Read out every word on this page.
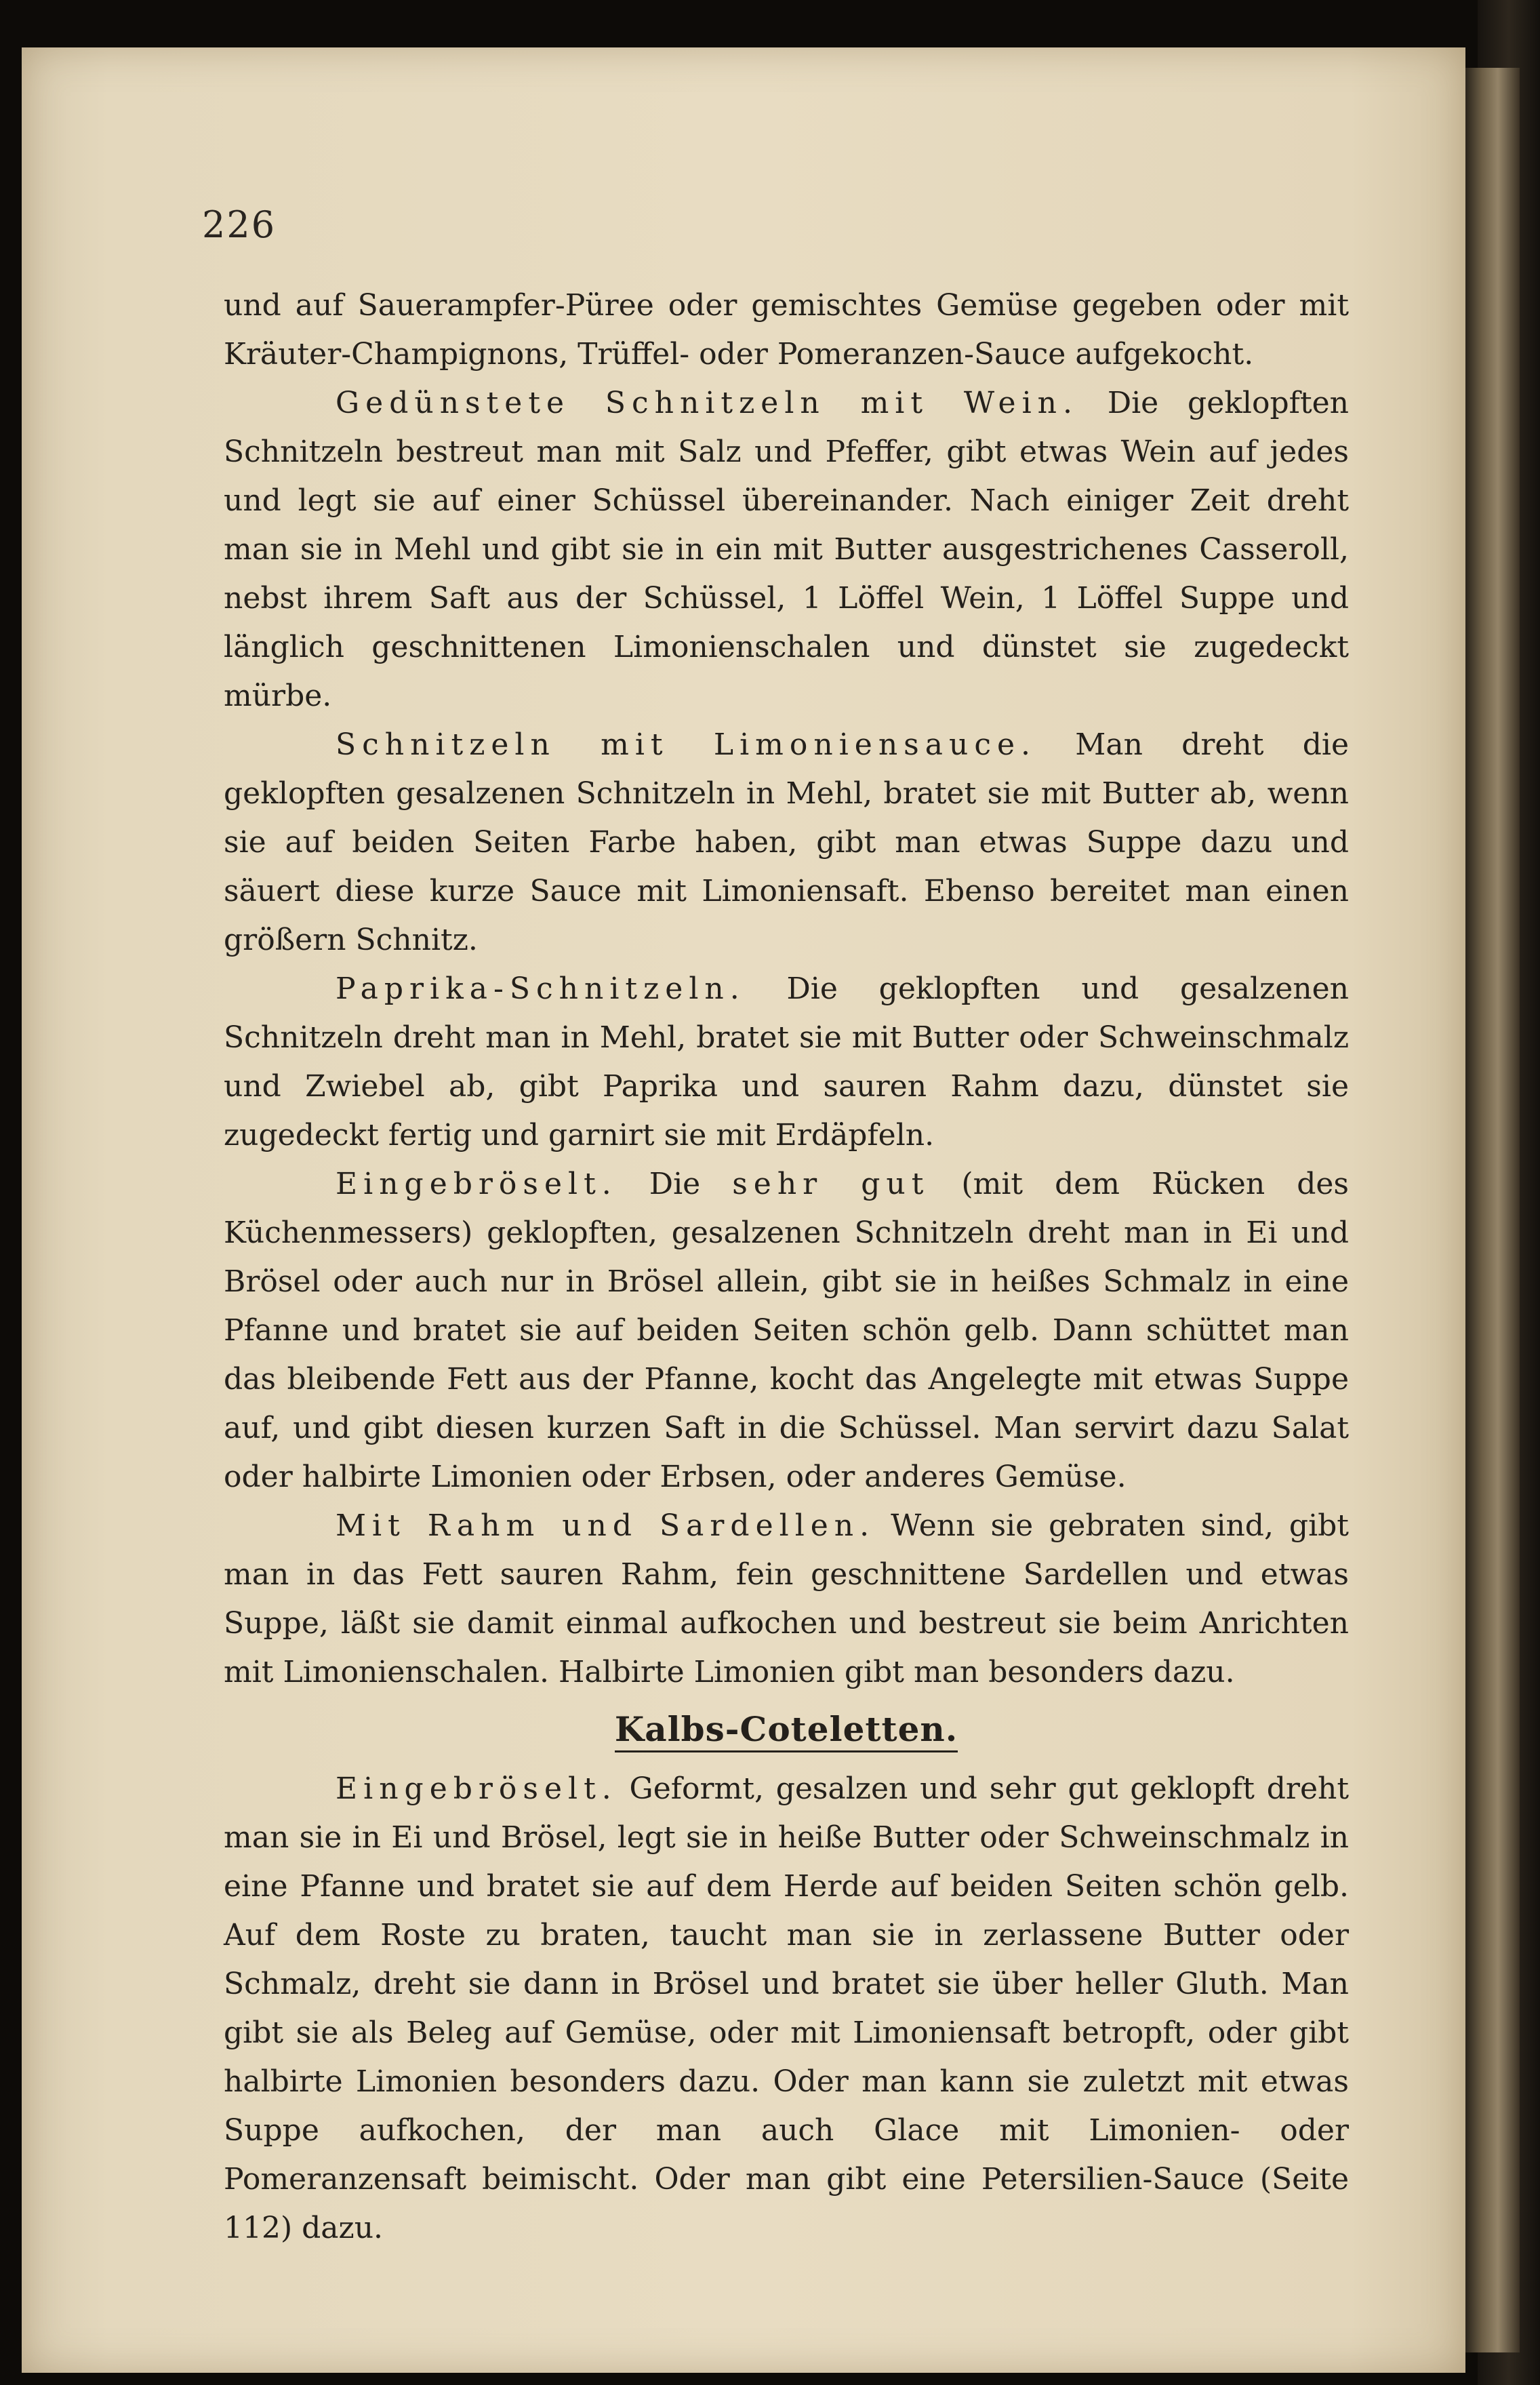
226

und auf Sauerampfer-Püree oder gemischtes Gemüse gegeben oder mit Kräuter-Champignons, Trüffel- oder Pomeranzen-Sauce aufgekocht.

Gedünstete Schnitzeln mit Wein. Die geklopften Schnitzeln bestreut man mit Salz und Pfeffer, gibt etwas Wein auf jedes und legt sie auf einer Schüssel übereinander. Nach einiger Zeit dreht man sie in Mehl und gibt sie in ein mit Butter ausgestrichenes Casseroll, nebst ihrem Saft aus der Schüssel, 1 Löffel Wein, 1 Löffel Suppe und länglich geschnittenen Limonienschalen und dünstet sie zugedeckt mürbe.

Schnitzeln mit Limoniensauce. Man dreht die geklopften gesalzenen Schnitzeln in Mehl, bratet sie mit Butter ab, wenn sie auf beiden Seiten Farbe haben, gibt man etwas Suppe dazu und säuert diese kurze Sauce mit Limoniensaft. Ebenso bereitet man einen größern Schnitz.

Paprika-Schnitzeln. Die geklopften und gesalzenen Schnitzeln dreht man in Mehl, bratet sie mit Butter oder Schweinschmalz und Zwiebel ab, gibt Paprika und sauren Rahm dazu, dünstet sie zugedeckt fertig und garnirt sie mit Erdäpfeln.

Eingebröselt. Die sehr gut (mit dem Rücken des Küchenmessers) geklopften, gesalzenen Schnitzeln dreht man in Ei und Brösel oder auch nur in Brösel allein, gibt sie in heißes Schmalz in eine Pfanne und bratet sie auf beiden Seiten schön gelb. Dann schüttet man das bleibende Fett aus der Pfanne, kocht das Angelegte mit etwas Suppe auf, und gibt diesen kurzen Saft in die Schüssel. Man servirt dazu Salat oder halbirte Limonien oder Erbsen, oder anderes Gemüse.

Mit Rahm und Sardellen. Wenn sie gebraten sind, gibt man in das Fett sauren Rahm, fein geschnittene Sardellen und etwas Suppe, läßt sie damit einmal aufkochen und bestreut sie beim Anrichten mit Limonienschalen. Halbirte Limonien gibt man besonders dazu.

Kalbs-Coteletten.

Eingebröselt. Geformt, gesalzen und sehr gut geklopft dreht man sie in Ei und Brösel, legt sie in heiße Butter oder Schweinschmalz in eine Pfanne und bratet sie auf dem Herde auf beiden Seiten schön gelb. Auf dem Roste zu braten, taucht man sie in zerlassene Butter oder Schmalz, dreht sie dann in Brösel und bratet sie über heller Gluth. Man gibt sie als Beleg auf Gemüse, oder mit Limoniensaft betropft, oder gibt halbirte Limonien besonders dazu. Oder man kann sie zuletzt mit etwas Suppe aufkochen, der man auch Glace mit Limonien- oder Pomeranzensaft beimischt. Oder man gibt eine Petersilien-Sauce (Seite 112) dazu.
